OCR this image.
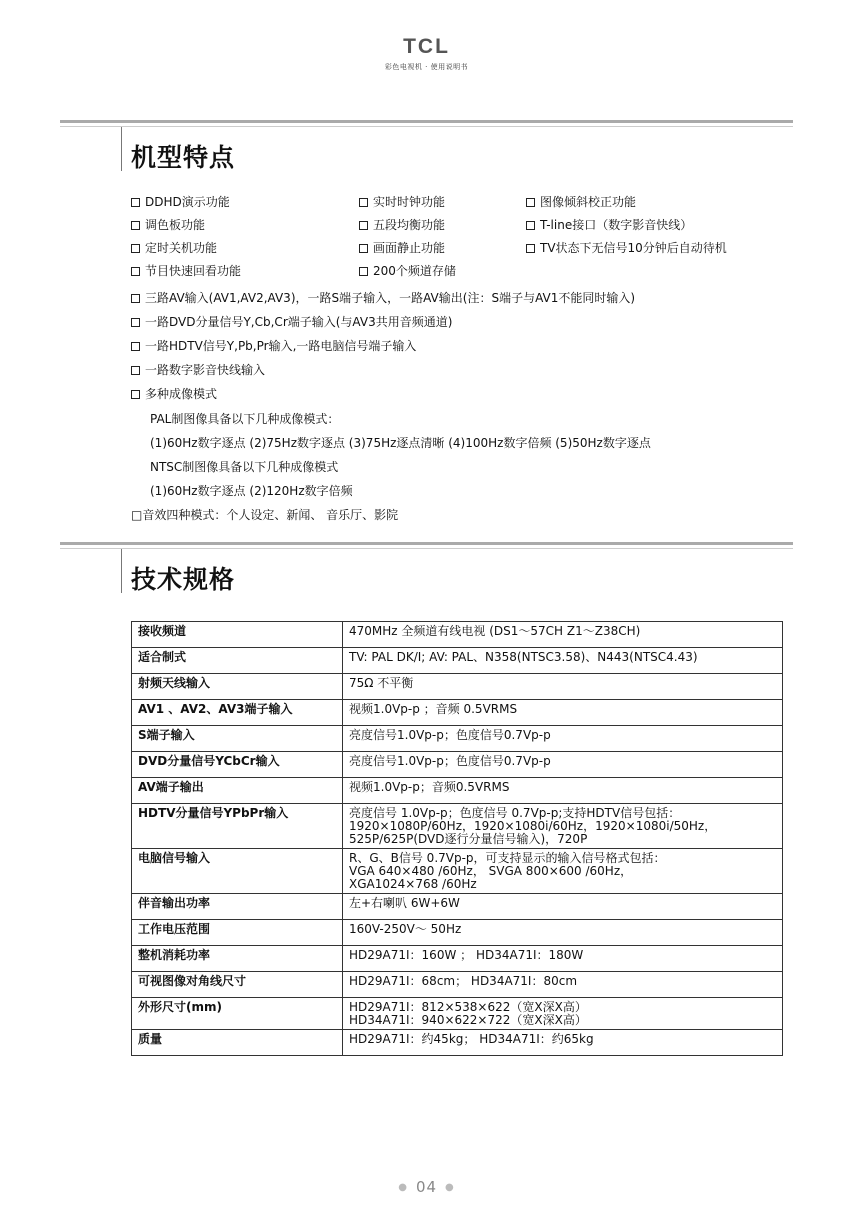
TCL
彩色电视机 · 使用说明书
机型特点
DDHD演示功能	实时时钟功能	图像倾斜校正功能
调色板功能	五段均衡功能	T-line接口（数字影音快线）
定时关机功能	画面静止功能	TV状态下无信号10分钟后自动待机
节目快速回看功能	200个频道存储
三路AV输入(AV1,AV2,AV3)，一路S端子输入，一路AV输出(注：S端子与AV1不能同时输入)
一路DVD分量信号Y,Cb,Cr端子输入(与AV3共用音频通道)
一路HDTV信号Y,Pb,Pr输入,一路电脑信号端子输入
一路数字影音快线输入
多种成像模式
PAL制图像具备以下几种成像模式：
(1)60Hz数字逐点 (2)75Hz数字逐点 (3)75Hz逐点清晰 (4)100Hz数字倍频 (5)50Hz数字逐点
NTSC制图像具备以下几种成像模式
(1)60Hz数字逐点 (2)120Hz数字倍频
□音效四种模式：个人设定、新闻、 音乐厅、影院
技术规格
接收频道	470MHz 全频道有线电视 (DS1～57CH Z1～Z38CH)

适合制式	TV: PAL DK/I; AV: PAL、N358(NTSC3.58)、N443(NTSC4.43)

射频天线输入	75Ω 不平衡

AV1 、AV2、AV3端子输入	视频1.0Vp-p ；音频 0.5VRMS

S端子输入	亮度信号1.0Vp-p；色度信号0.7Vp-p

DVD分量信号YCbCr输入	亮度信号1.0Vp-p；色度信号0.7Vp-p

AV端子输出	视频1.0Vp-p；音频0.5VRMS

HDTV分量信号YPbPr输入	亮度信号 1.0Vp-p；色度信号 0.7Vp-p;支持HDTV信号包括：
1920×1080P/60Hz，1920×1080i/60Hz，1920×1080i/50Hz，
525P/625P(DVD逐行分量信号输入)，720P

电脑信号输入	R、G、B信号 0.7Vp-p，可支持显示的输入信号格式包括：
VGA 640×480 /60Hz， SVGA 800×600 /60Hz，
XGA1024×768 /60Hz

伴音输出功率	左+右喇叭 6W+6W

工作电压范围	160V-250V～ 50Hz

整机消耗功率	HD29A71I：160W ； HD34A71I：180W

可视图像对角线尺寸	HD29A71I：68cm； HD34A71I：80cm

外形尺寸(mm)	HD29A71I：812×538×622（宽X深X高）
HD34A71I：940×622×722（宽X深X高）

质量	HD29A71I：约45kg； HD34A71I：约65kg
● 04 ●
